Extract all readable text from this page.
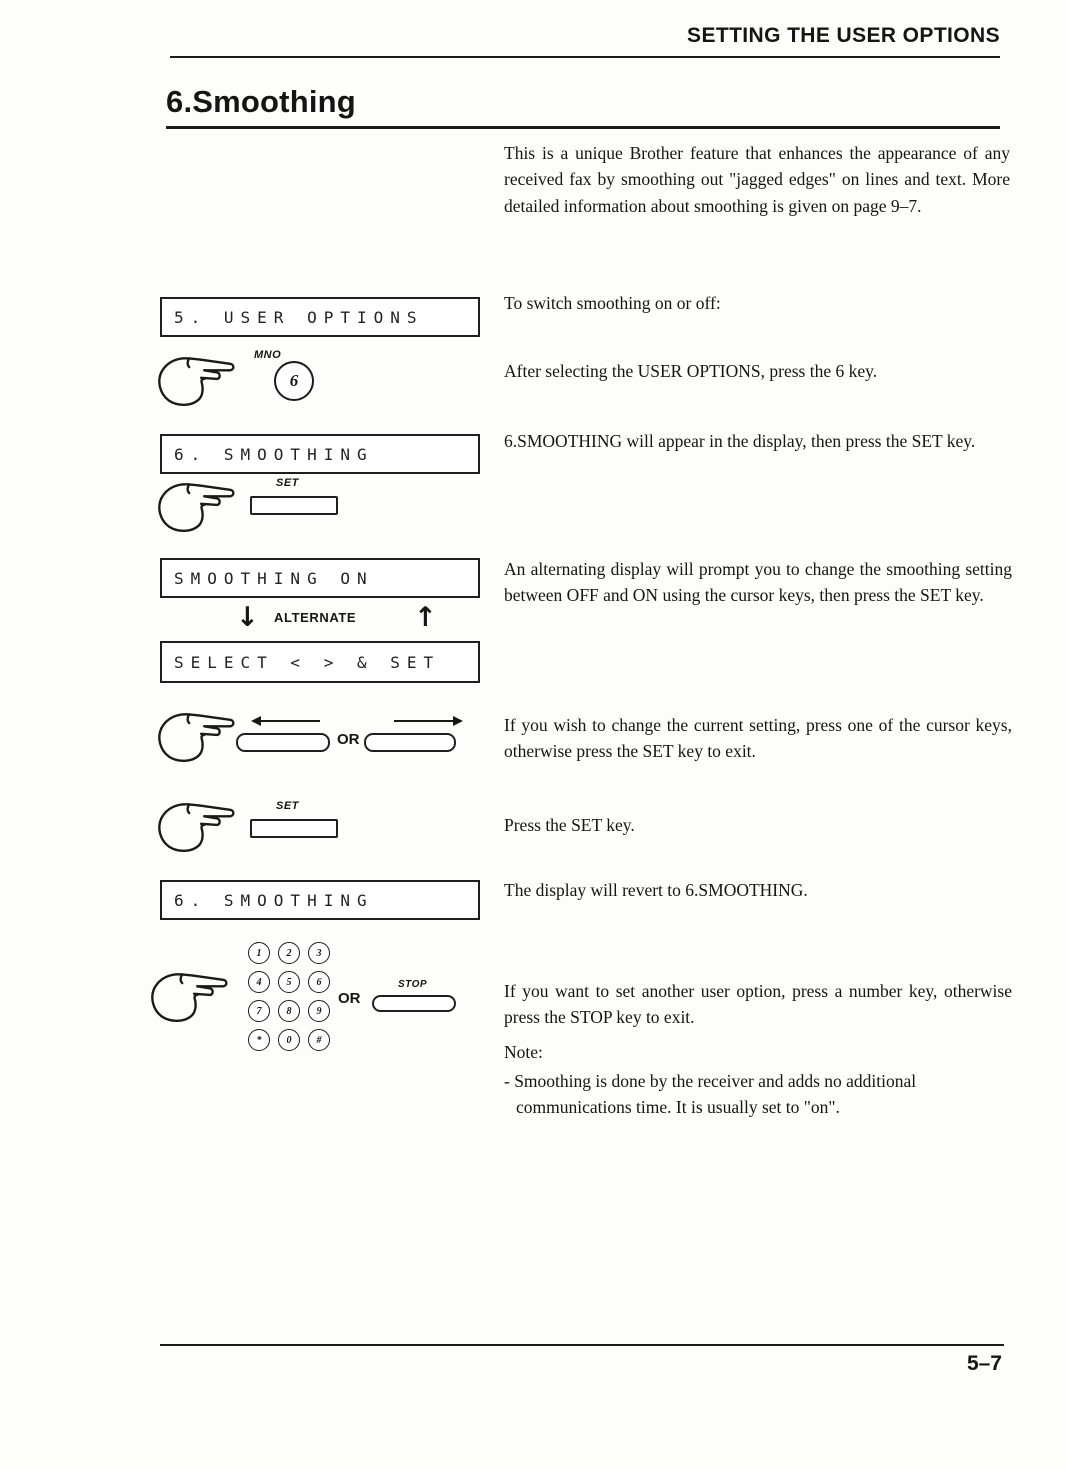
SETTING THE USER OPTIONS
6.Smoothing
This is a unique Brother feature that enhances the appearance of any received fax by smoothing out "jagged edges" on lines and text. More detailed information about smoothing is given on page 9–7.
5. USER OPTIONS
To switch smoothing on or off:
MNO
6	After selecting the USER OPTIONS, press the 6 key.
6. SMOOTHING
6.SMOOTHING will appear in the display, then press the SET key.
SET
SMOOTHING ON
↓ ALTERNATE ↑
SELECT < > & SET
An alternating display will prompt you to change the smoothing setting between OFF and ON using the cursor keys, then press the SET key.
OR
If you wish to change the current setting, press one of the cursor keys, otherwise press the SET key to exit.
SET
Press the SET key.
6. SMOOTHING	The display will revert to 6.SMOOTHING.
1	2	3
4	5	6
7	8	9
*	0	#
OR
STOP	If you want to set another user option, press a number key, otherwise press the STOP key to exit.
Note:
- Smoothing is done by the receiver and adds no additional communications time. It is usually set to "on".
5–7
